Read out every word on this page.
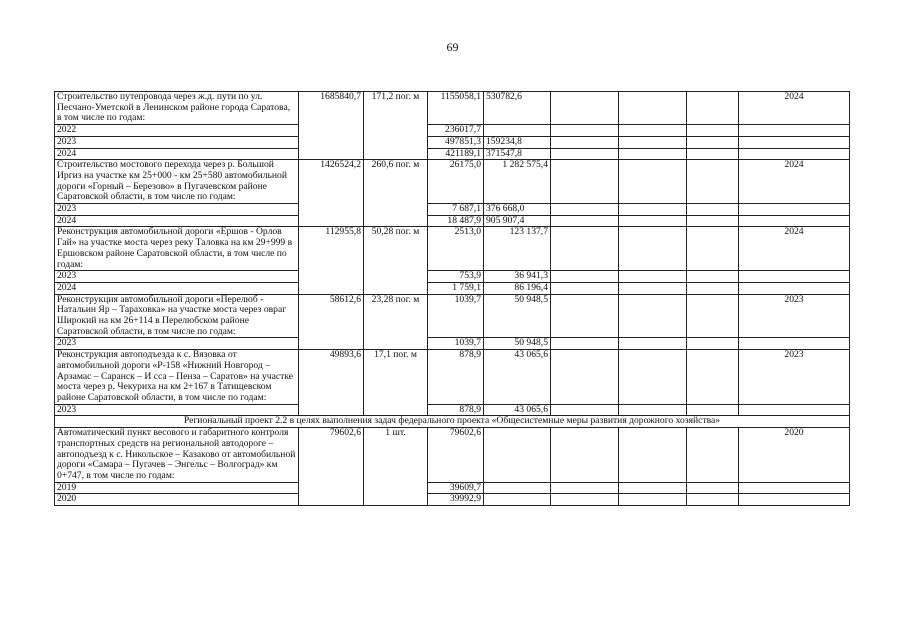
69
Строительство путепровода через ж.д. пути по ул. Песчано-Уметской в Ленинском районе города Саратова, в том числе по годам:	1685840,7	171,2 пог. м	1155058,1	530782,6				2024
2022			236017,7					
2023			497851,3	159234,8				
2024			421189,1	371547,8				
Строительство мостового перехода через р. Большой Иргиз на участке км 25+000 - км 25+580 автомобильной дороги «Горный – Березово» в Пугачевском районе Саратовской области, в том числе по годам:	1426524,2	260,6 пог. м	26175,0	1 282 575,4				2024
2023			7 687,1	376 668,0				
2024			18 487,9	905 907,4				
Реконструкция автомобильной дороги «Ершов - Орлов Гай» на участке моста через реку Таловка на км 29+999 в Ершовском районе Саратовской области, в том числе по годам:	112955,8	50,28 пог. м	2513,0	123 137,7				2024
2023			753,9	36 941,3				
2024			1 759,1	86 196,4				
Реконструкция автомобильной дороги «Перелюб - Натальин Яр – Тараховка» на участке моста через овраг Широкий на км 26+114 в Перелюбском районе Саратовской области, в том числе по годам:	58612,6	23,28 пог. м	1039,7	50 948,5				2023
2023			1039,7	50 948,5				
Реконструкция автоподъезда к с. Вязовка от автомобильной дороги «Р-158 «Нижний Новгород – Арзамас – Саранск – И сса – Пенза – Саратов» на участке моста через р. Чекуриха на км 2+167 в Татищевском районе Саратовской области, в том числе по годам:	49893,6	17,1 пог. м	878,9	43 065,6				2023
2023			878,9	43 065,6				
Региональный проект 2.2 в целях выполнения задач федерального проекта «Общесистемные меры развития дорожного хозяйства»								
Автоматический пункт весового и габаритного контроля транспортных средств на региональной автодороге – автоподъезд к с. Никольское – Казаково от автомобильной дороги «Самара – Пугачев – Энгельс – Волгоград» км 0+747, в том числе по годам:	79602,6	1 шт.	79602,6					2020
2019			39609,7					
2020			39992,9					
